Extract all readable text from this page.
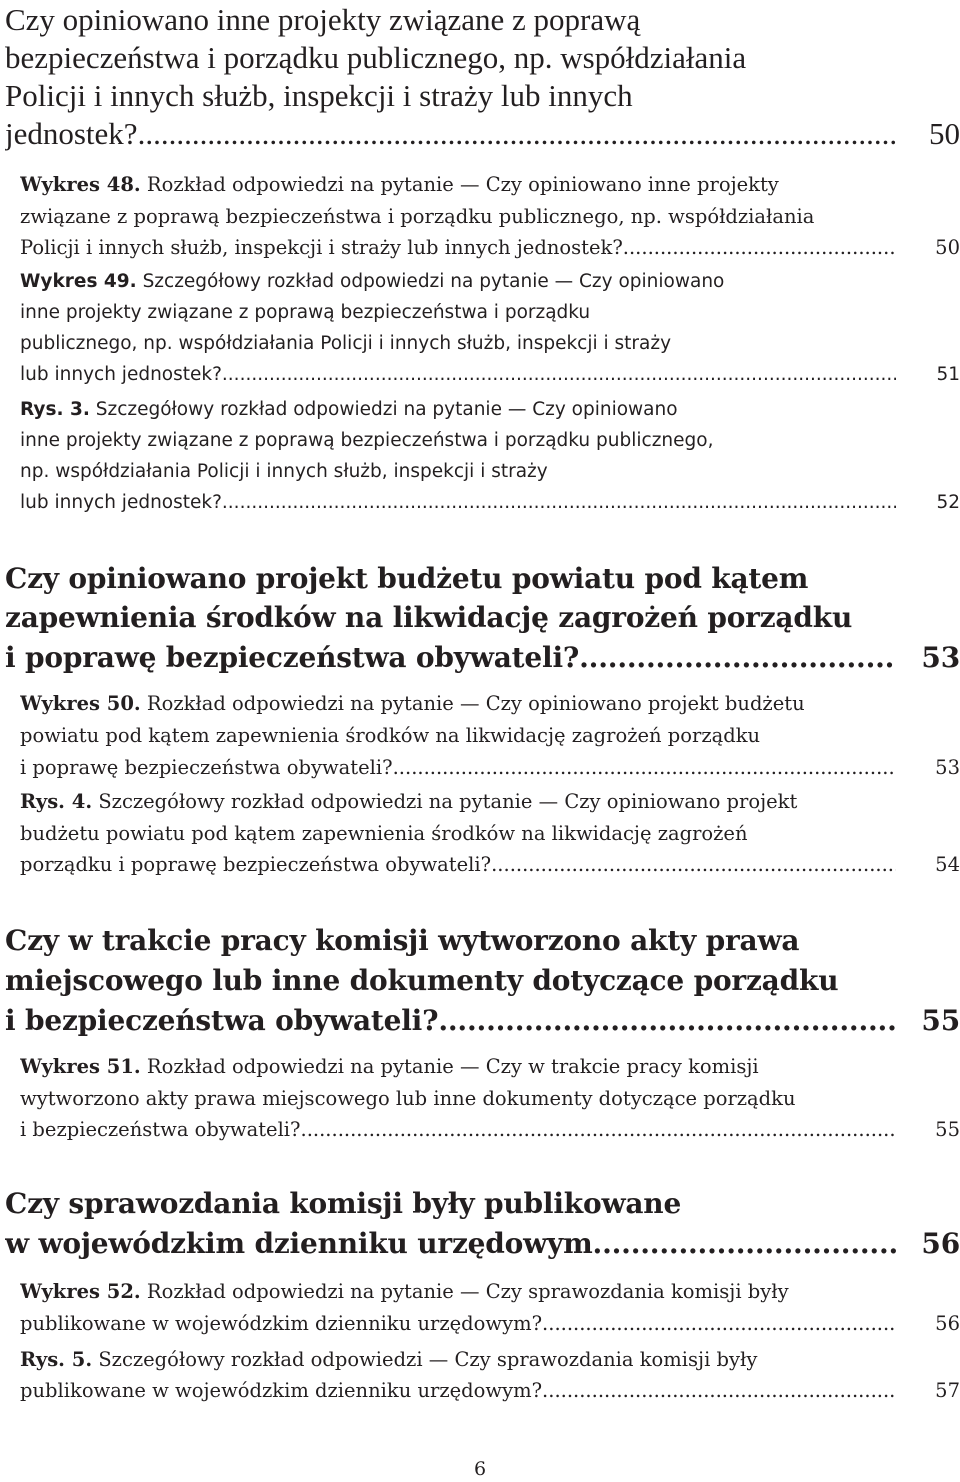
Czy opiniowano inne projekty związane z poprawą
bezpieczeństwa i porządku publicznego, np. współdziałania
Policji i innych służb, inspekcji i straży lub innych
jednostek? .....	50
Wykres 48. Rozkład odpowiedzi na pytanie — Czy opiniowano inne projekty
związane z poprawą bezpieczeństwa i porządku publicznego, np. współdziałania
Policji i innych służb, inspekcji i straży lub innych jednostek? .....	50
Wykres 49. Szczegółowy rozkład odpowiedzi na pytanie — Czy opiniowano
inne projekty związane z poprawą bezpieczeństwa i porządku
publicznego, np. współdziałania Policji i innych służb, inspekcji i straży
lub innych jednostek? .....	51
Rys. 3. Szczegółowy rozkład odpowiedzi na pytanie — Czy opiniowano
inne projekty związane z poprawą bezpieczeństwa i porządku publicznego,
np. współdziałania Policji i innych służb, inspekcji i straży
lub innych jednostek? .....	52
Czy opiniowano projekt budżetu powiatu pod kątem
zapewnienia środków na likwidację zagrożeń porządku
i poprawę bezpieczeństwa obywateli? .....	53
Wykres 50. Rozkład odpowiedzi na pytanie — Czy opiniowano projekt budżetu
powiatu pod kątem zapewnienia środków na likwidację zagrożeń porządku
i poprawę bezpieczeństwa obywateli? .....	53
Rys. 4. Szczegółowy rozkład odpowiedzi na pytanie — Czy opiniowano projekt
budżetu powiatu pod kątem zapewnienia środków na likwidację zagrożeń
porządku i poprawę bezpieczeństwa obywateli? .....	54
Czy w trakcie pracy komisji wytworzono akty prawa
miejscowego lub inne dokumenty dotyczące porządku
i bezpieczeństwa obywateli? .....	55
Wykres 51. Rozkład odpowiedzi na pytanie — Czy w trakcie pracy komisji
wytworzono akty prawa miejscowego lub inne dokumenty dotyczące porządku
i bezpieczeństwa obywateli? .....	55
Czy sprawozdania komisji były publikowane
w wojewódzkim dzienniku urzędowym .....	56
Wykres 52. Rozkład odpowiedzi na pytanie — Czy sprawozdania komisji były
publikowane w wojewódzkim dzienniku urzędowym? .....	56
Rys. 5. Szczegółowy rozkład odpowiedzi — Czy sprawozdania komisji były
publikowane w wojewódzkim dzienniku urzędowym? .....	57
6
